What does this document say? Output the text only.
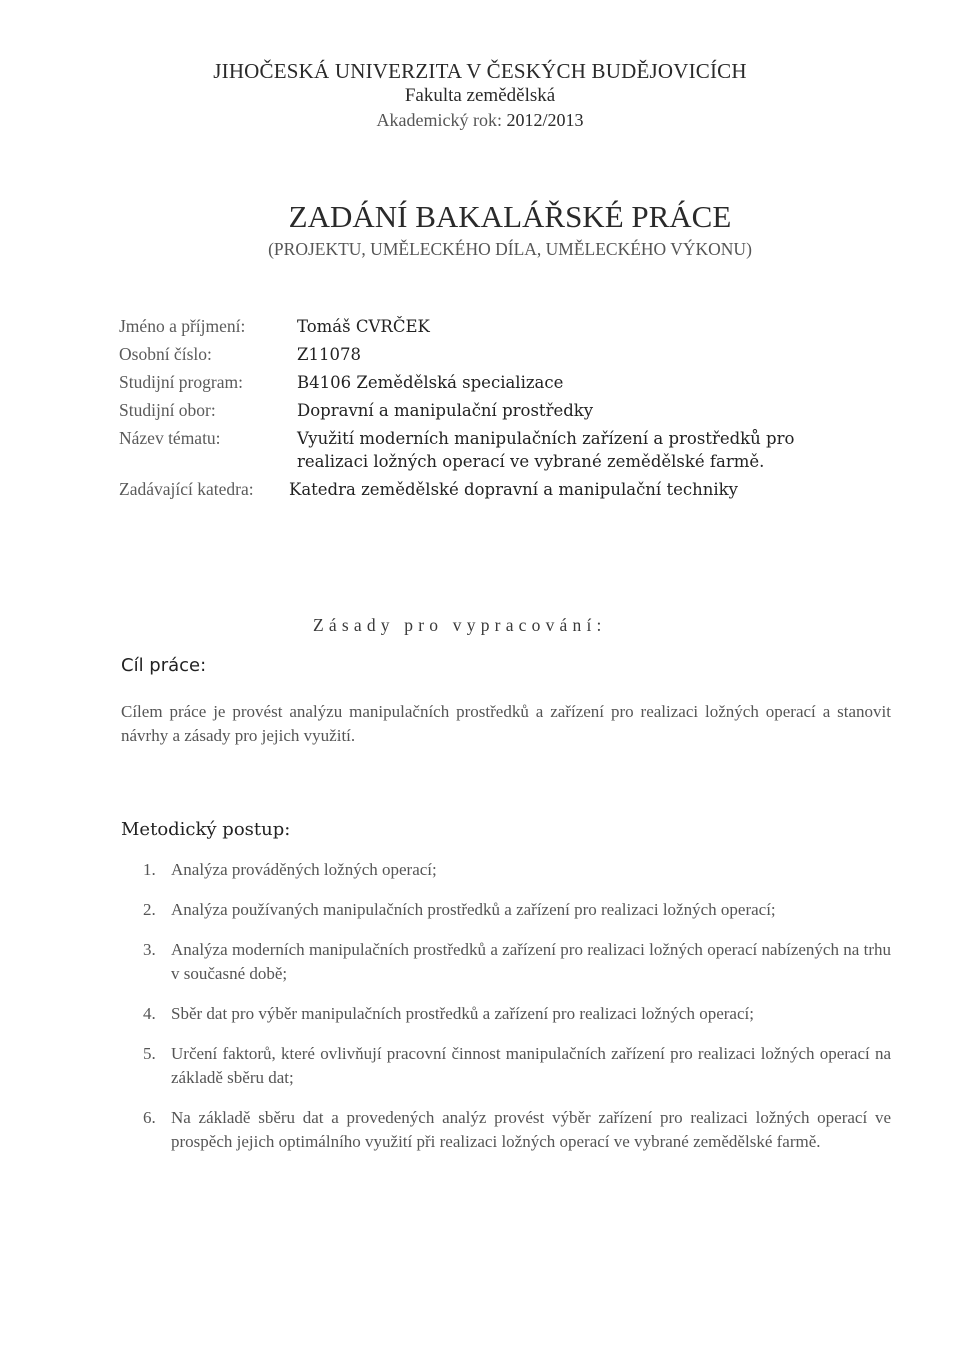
JIHOČESKÁ UNIVERZITA V ČESKÝCH BUDĚJOVICÍCH
Fakulta zemědělská
Akademický rok: 2012/2013
ZADÁNÍ BAKALÁŘSKÉ PRÁCE
(PROJEKTU, UMĚLECKÉHO DÍLA, UMĚLECKÉHO VÝKONU)
Jméno a příjmení:	Tomáš CVRČEK
Osobní číslo:	Z11078
Studijní program:	B4106 Zemědělská specializace
Studijní obor:	Dopravní a manipulační prostředky
Název tématu:	Využití moderních manipulačních zařízení a prostředků pro
realizaci ložných operací ve vybrané zemědělské farmě.
Zadávající katedra: Katedra zemědělské dopravní a manipulační techniky
Zásady pro vypracování:
Cíl práce:
Cílem práce je provést analýzu manipulačních prostředků a zařízení pro realizaci ložných operací a stanovit návrhy a zásady pro jejich využití.
Metodický postup:
1. Analýza prováděných ložných operací;
2. Analýza používaných manipulačních prostředků a zařízení pro realizaci ložných operací;
3. Analýza moderních manipulačních prostředků a zařízení pro realizaci ložných operací nabízených na trhu v současné době;
4. Sběr dat pro výběr manipulačních prostředků a zařízení pro realizaci ložných operací;
5. Určení faktorů, které ovlivňují pracovní činnost manipulačních zařízení pro realizaci ložných operací na základě sběru dat;
6. Na základě sběru dat a provedených analýz provést výběr zařízení pro realizaci ložných operací ve prospěch jejich optimálního využití při realizaci ložných operací ve vybrané zemědělské farmě.
